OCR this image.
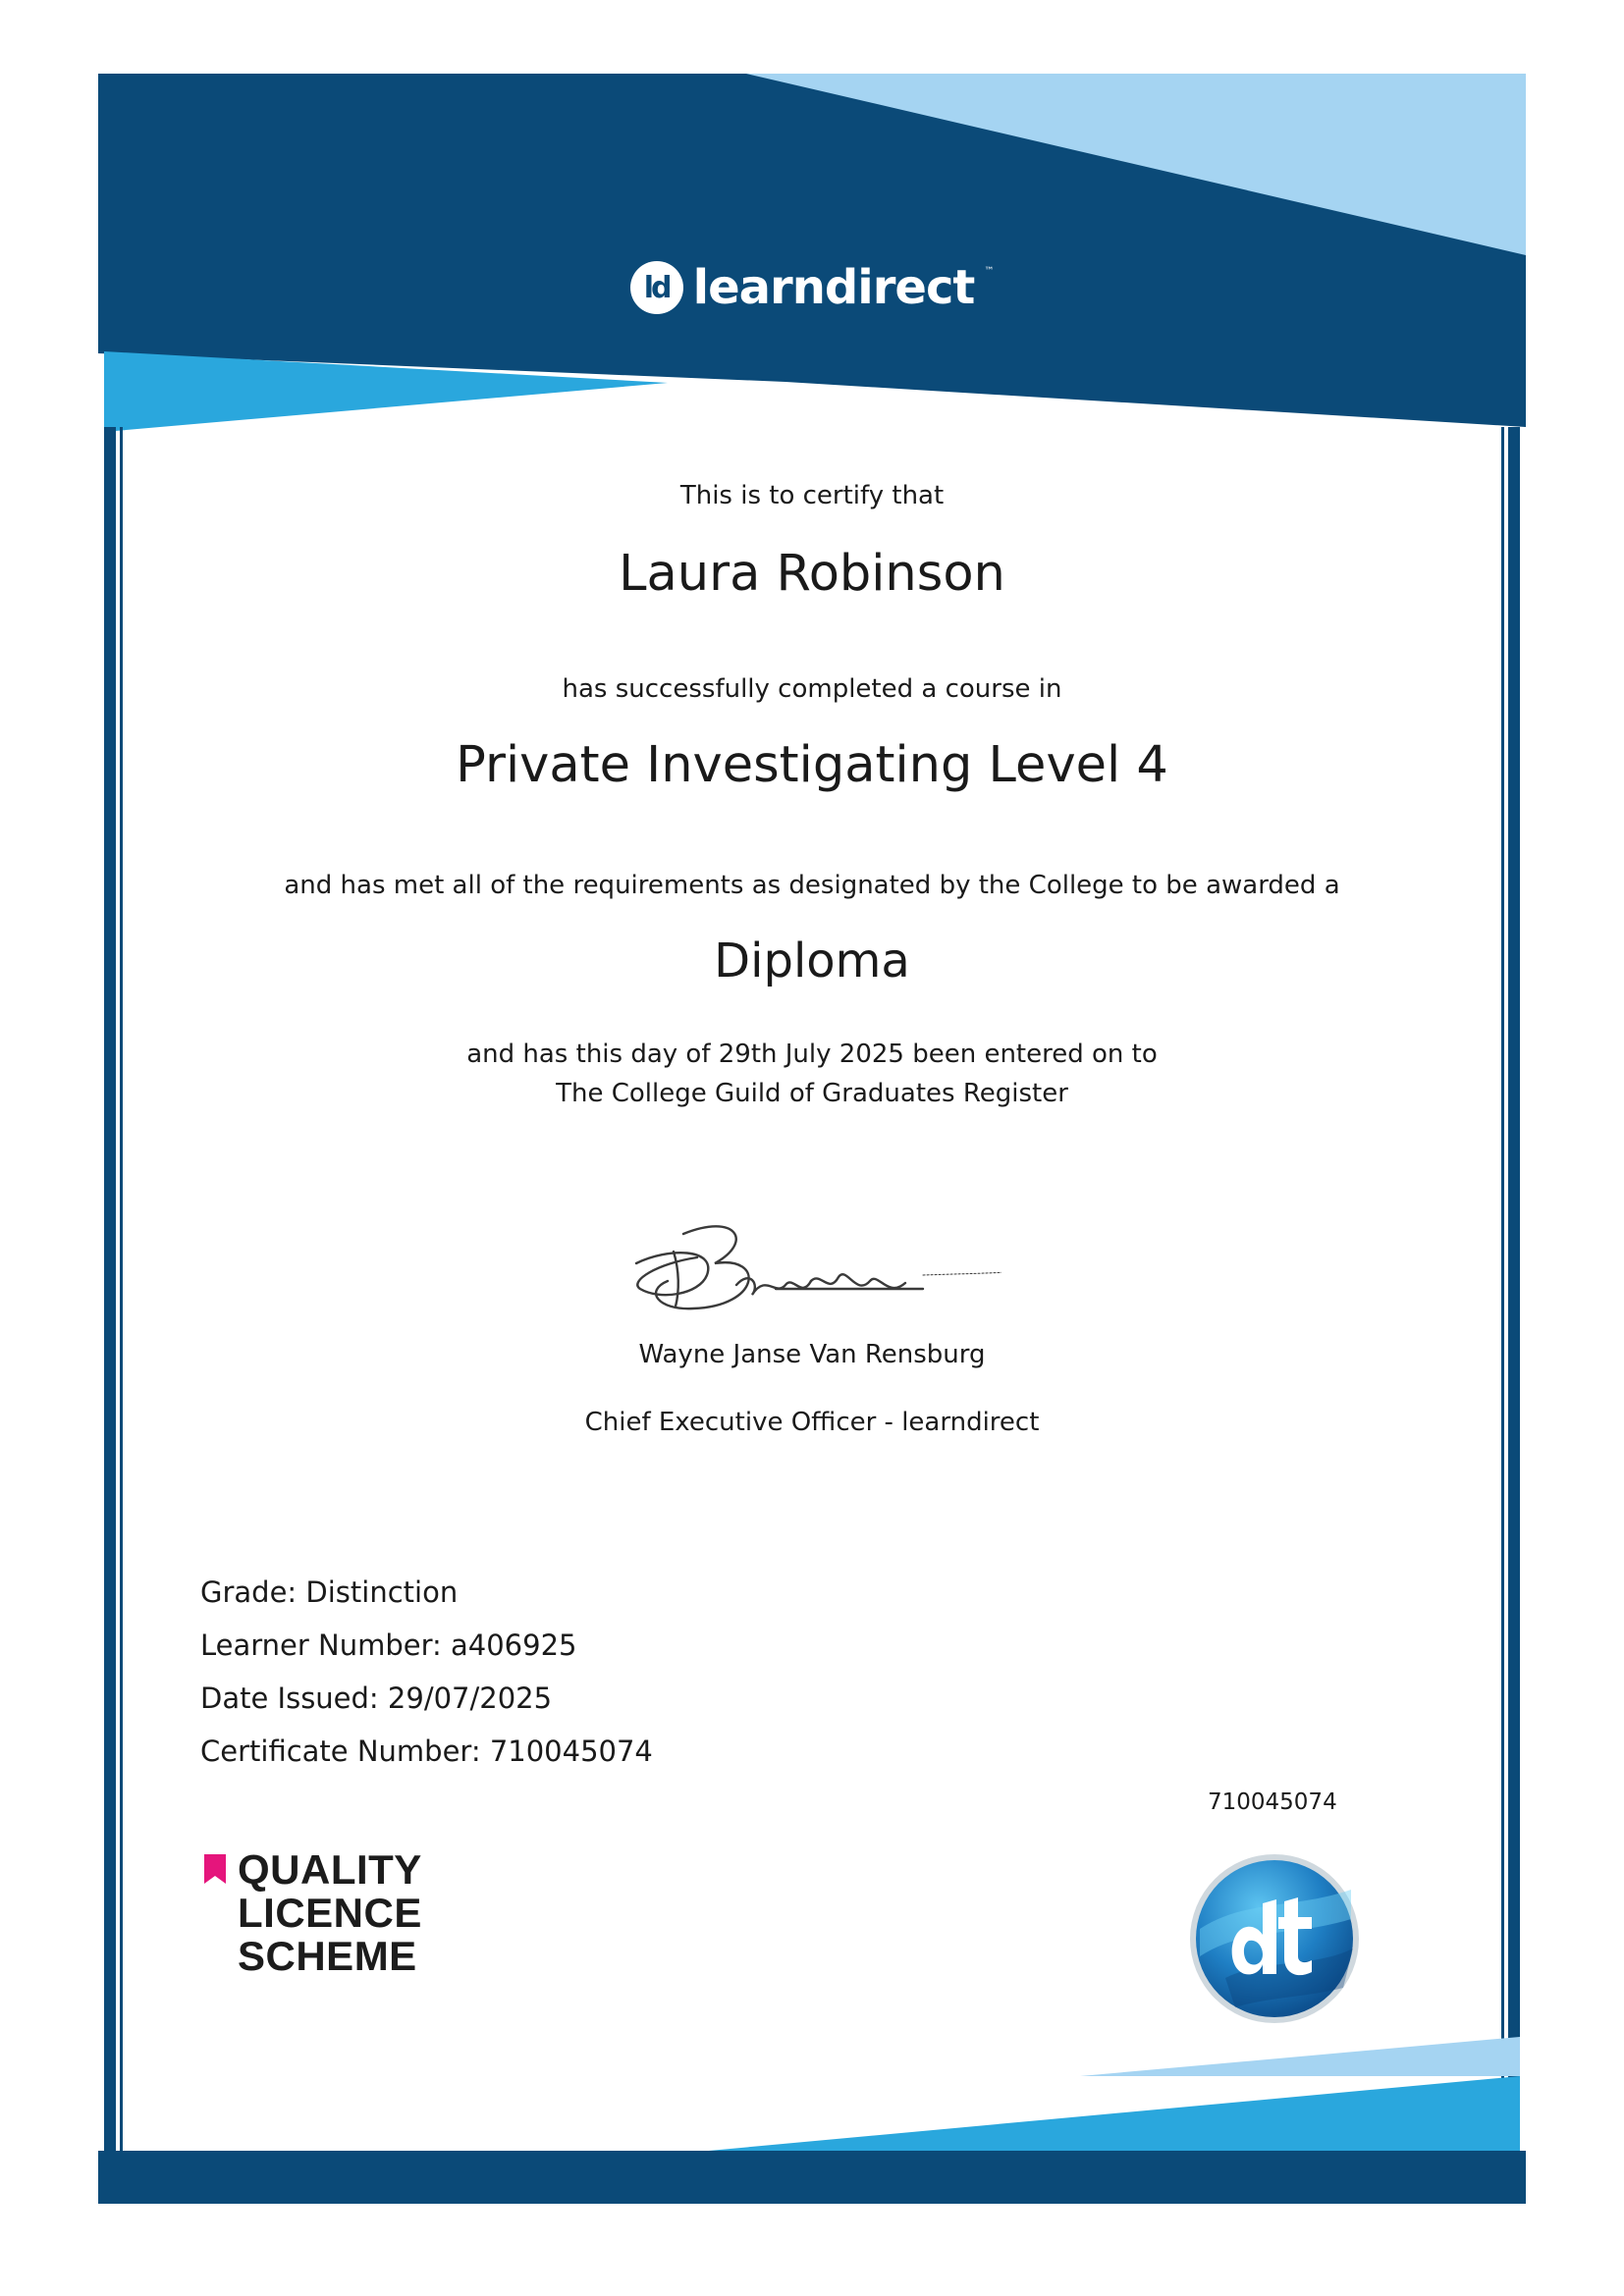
ld learndirect ™
This is to certify that
Laura Robinson
has successfully completed a course in
Private Investigating Level 4
and has met all of the requirements as designated by the College to be awarded a
Diploma
and has this day of 29th July 2025 been entered on to
The College Guild of Graduates Register
Wayne Janse Van Rensburg
Chief Executive Officer - learndirect
Grade: Distinction
Learner Number: a406925
Date Issued: 29/07/2025
Certificate Number: 710045074
710045074
QUALITY
LICENCE
SCHEME
